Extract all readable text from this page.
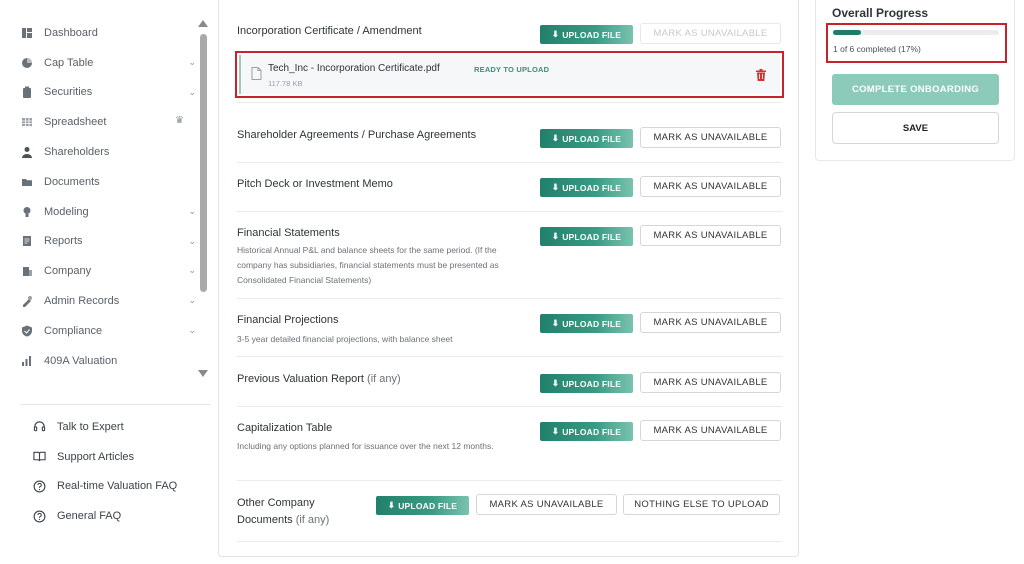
Dashboard
Cap Table	⌄
Securities	⌄
Spreadsheet	♛
Shareholders
Documents
Modeling	⌄
Reports	⌄
Company	⌄
Admin Records	⌄
Compliance	⌄
409A Valuation
Talk to Expert
Support Articles
Real-time Valuation FAQ
General FAQ
Incorporation Certificate / Amendment	⬇ UPLOAD FILE	MARK AS UNAVAILABLE
Tech_Inc - Incorporation Certificate.pdf	READY TO UPLOAD
117.78 KB
Shareholder Agreements / Purchase Agreements	⬇ UPLOAD FILE	MARK AS UNAVAILABLE
Pitch Deck or Investment Memo	⬇ UPLOAD FILE	MARK AS UNAVAILABLE
Financial Statements
Historical Annual P&L and balance sheets for the same period. (If the company has subsidiaries, financial statements must be presented as Consolidated Financial Statements)
⬇ UPLOAD FILE	MARK AS UNAVAILABLE
Financial Projections
3-5 year detailed financial projections, with balance sheet
⬇ UPLOAD FILE	MARK AS UNAVAILABLE
Previous Valuation Report (if any)	⬇ UPLOAD FILE	MARK AS UNAVAILABLE
Capitalization Table
Including any options planned for issuance over the next 12 months.
⬇ UPLOAD FILE	MARK AS UNAVAILABLE
Other Company Documents (if any)
⬇ UPLOAD FILE	MARK AS UNAVAILABLE	NOTHING ELSE TO UPLOAD
Overall Progress
1 of 6 completed (17%)
COMPLETE ONBOARDING
SAVE
